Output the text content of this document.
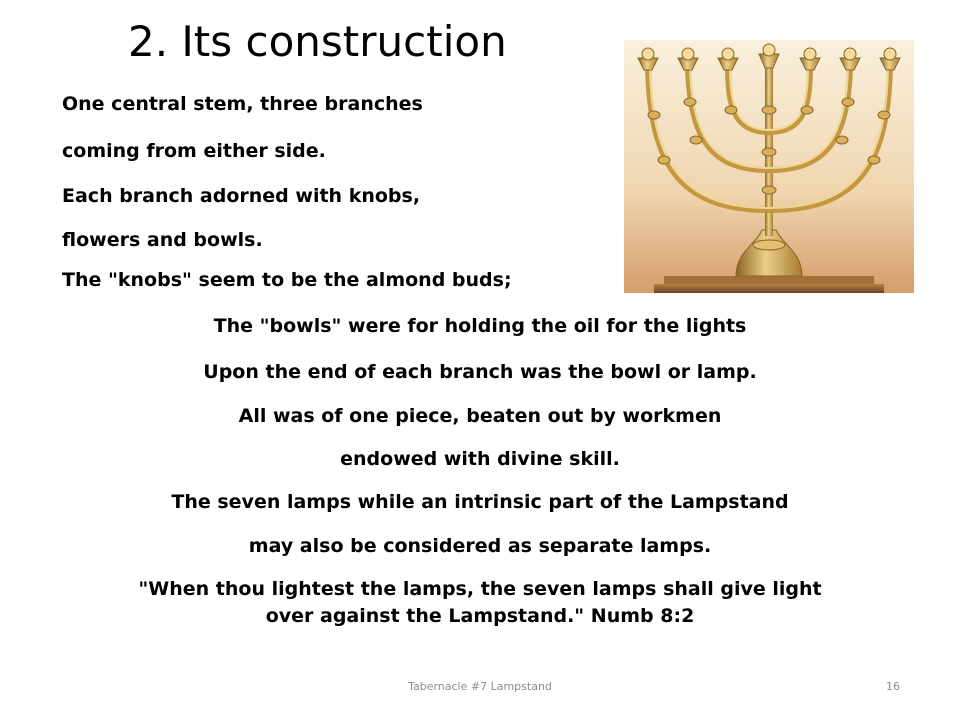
2. Its construction

One central stem, three branches

coming from either side.

Each branch adorned with knobs,

flowers and bowls.

The "knobs" seem to be the almond buds;

The "bowls" were for holding the oil for the lights

Upon the end of each branch was the bowl or lamp.

All was of one piece, beaten out by workmen

endowed with divine skill.

The seven lamps while an intrinsic part of the Lampstand

may also be considered as separate lamps.

"When thou lightest the lamps, the seven lamps shall give light
over against the Lampstand." Numb 8:2

Tabernacle #7 Lampstand	16
